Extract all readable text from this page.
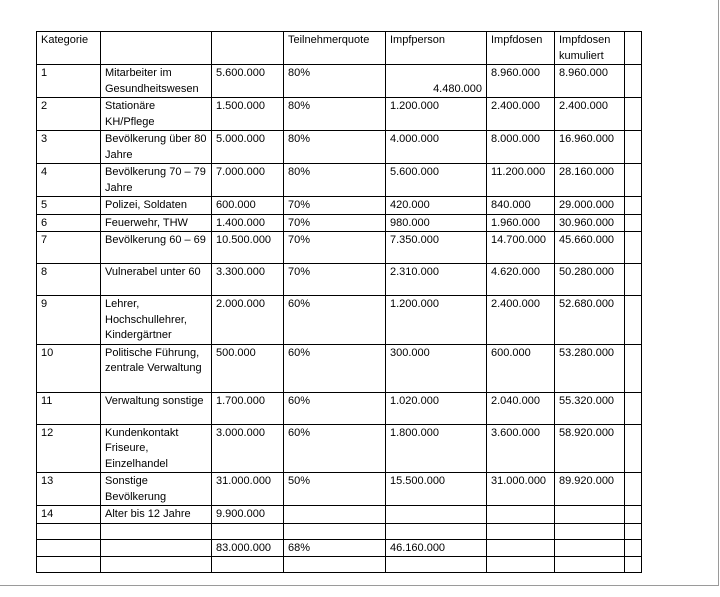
Kategorie			Teilnehmerquote	Impfperson	Impfdosen	Impfdosen kumuliert	
1	Mitarbeiter im Gesundheitswesen	5.600.000	80%	4.480.000	8.960.000	8.960.000	
2	Stationäre KH/Pflege	1.500.000	80%	1.200.000	2.400.000	2.400.000	
3	Bevölkerung über 80 Jahre	5.000.000	80%	4.000.000	8.000.000	16.960.000	
4	Bevölkerung 70 – 79 Jahre	7.000.000	80%	5.600.000	11.200.000	28.160.000	
5	Polizei, Soldaten	600.000	70%	420.000	840.000	29.000.000	
6	Feuerwehr, THW	1.400.000	70%	980.000	1.960.000	30.960.000	
7	Bevölkerung 60 – 69	10.500.000	70%	7.350.000	14.700.000	45.660.000	
8	Vulnerabel unter 60	3.300.000	70%	2.310.000	4.620.000	50.280.000	
9	Lehrer, Hochschullehrer, Kindergärtner	2.000.000	60%	1.200.000	2.400.000	52.680.000	
10	Politische Führung, zentrale Verwaltung	500.000	60%	300.000	600.000	53.280.000	
11	Verwaltung sonstige	1.700.000	60%	1.020.000	2.040.000	55.320.000	
12	Kundenkontakt Friseure, Einzelhandel	3.000.000	60%	1.800.000	3.600.000	58.920.000	
13	Sonstige Bevölkerung	31.000.000	50%	15.500.000	31.000.000	89.920.000	
14	Alter bis 12 Jahre	9.900.000					

		83.000.000	68%	46.160.000			
